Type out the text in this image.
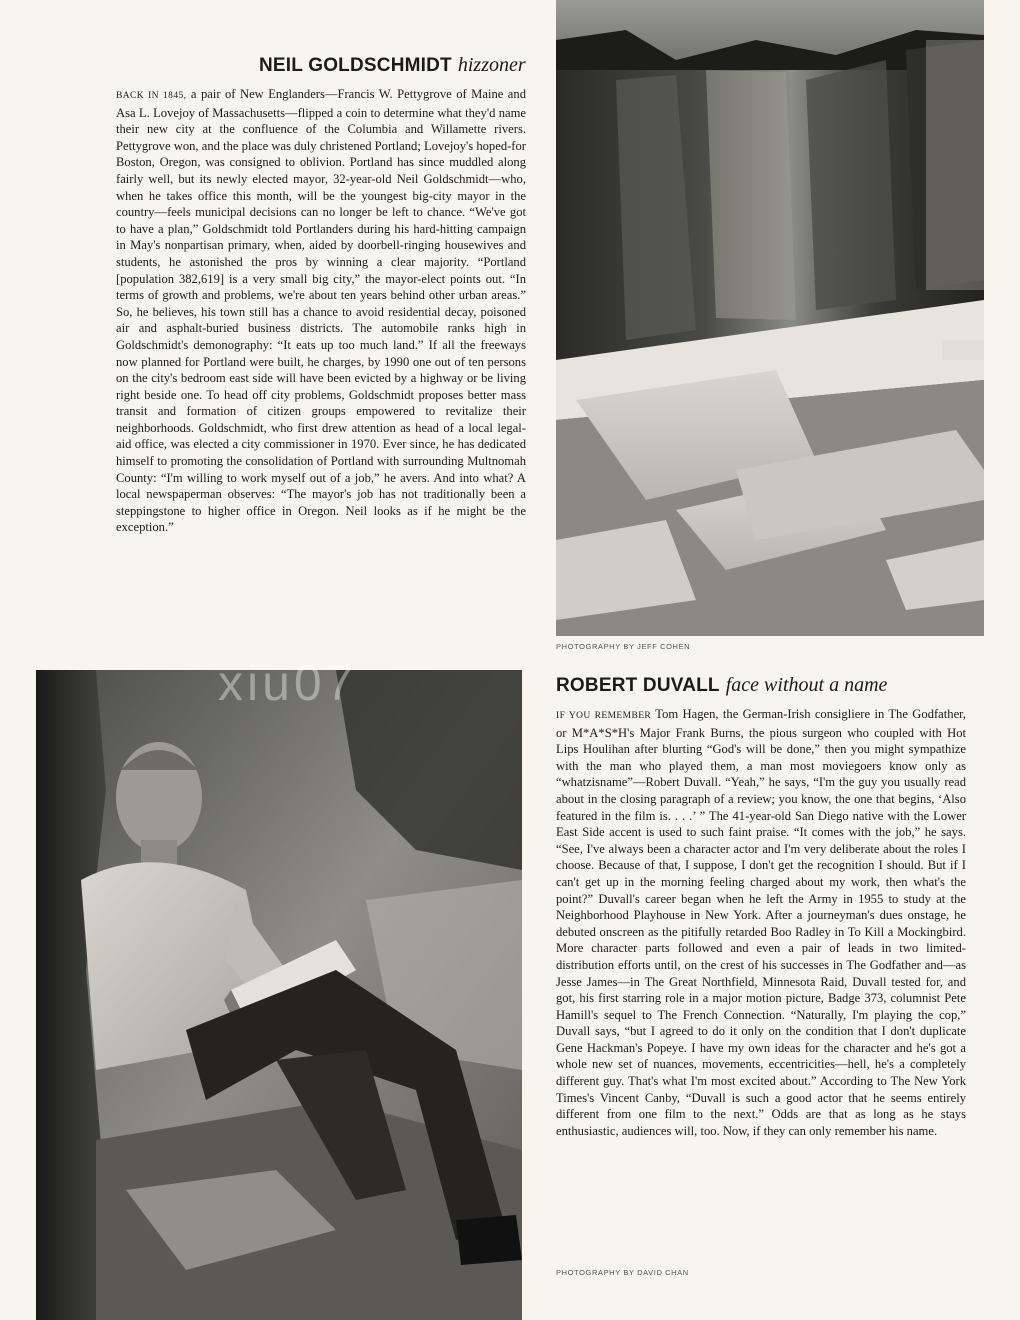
NEIL GOLDSCHMIDT hizzoner
BACK IN 1845, a pair of New Englanders—Francis W. Pettygrove of Maine and Asa L. Lovejoy of Massachusetts—flipped a coin to determine what they'd name their new city at the confluence of the Columbia and Willamette rivers. Pettygrove won, and the place was duly christened Portland; Lovejoy's hoped-for Boston, Oregon, was consigned to oblivion. Portland has since muddled along fairly well, but its newly elected mayor, 32-year-old Neil Goldschmidt—who, when he takes office this month, will be the youngest big-city mayor in the country—feels municipal decisions can no longer be left to chance. “We've got to have a plan,” Goldschmidt told Portlanders during his hard-hitting campaign in May's nonpartisan primary, when, aided by doorbell-ringing housewives and students, he astonished the pros by winning a clear majority. “Portland [population 382,619] is a very small big city,” the mayor-elect points out. “In terms of growth and problems, we're about ten years behind other urban areas.” So, he believes, his town still has a chance to avoid residential decay, poisoned air and asphalt-buried business districts. The automobile ranks high in Goldschmidt's demonography: “It eats up too much land.” If all the freeways now planned for Portland were built, he charges, by 1990 one out of ten persons on the city's bedroom east side will have been evicted by a highway or be living right beside one. To head off city problems, Goldschmidt proposes better mass transit and formation of citizen groups empowered to revitalize their neighborhoods. Goldschmidt, who first drew attention as head of a local legal-aid office, was elected a city commissioner in 1970. Ever since, he has dedicated himself to promoting the consolidation of Portland with surrounding Multnomah County: “I'm willing to work myself out of a job,” he avers. And into what? A local newspaperman observes: “The mayor's job has not traditionally been a steppingstone to higher office in Oregon. Neil looks as if he might be the exception.”
PHOTOGRAPHY BY JEFF COHEN
xiu07	ROBERT DUVALL face without a name
IF YOU REMEMBER Tom Hagen, the German-Irish consigliere in The Godfather, or M*A*S*H's Major Frank Burns, the pious surgeon who coupled with Hot Lips Houlihan after blurting “God's will be done,” then you might sympathize with the man who played them, a man most moviegoers know only as “whatzisname”—Robert Duvall. “Yeah,” he says, “I'm the guy you usually read about in the closing paragraph of a review; you know, the one that begins, ‘Also featured in the film is. . . .’ ” The 41-year-old San Diego native with the Lower East Side accent is used to such faint praise. “It comes with the job,” he says. “See, I've always been a character actor and I'm very deliberate about the roles I choose. Because of that, I suppose, I don't get the recognition I should. But if I can't get up in the morning feeling charged about my work, then what's the point?” Duvall's career began when he left the Army in 1955 to study at the Neighborhood Playhouse in New York. After a journeyman's dues onstage, he debuted onscreen as the pitifully retarded Boo Radley in To Kill a Mockingbird. More character parts followed and even a pair of leads in two limited-distribution efforts until, on the crest of his successes in The Godfather and—as Jesse James—in The Great Northfield, Minnesota Raid, Duvall tested for, and got, his first starring role in a major motion picture, Badge 373, columnist Pete Hamill's sequel to The French Connection. “Naturally, I'm playing the cop,” Duvall says, “but I agreed to do it only on the condition that I don't duplicate Gene Hackman's Popeye. I have my own ideas for the character and he's got a whole new set of nuances, movements, eccentricities—hell, he's a completely different guy. That's what I'm most excited about.” According to The New York Times's Vincent Canby, “Duvall is such a good actor that he seems entirely different from one film to the next.” Odds are that as long as he stays enthusiastic, audiences will, too. Now, if they can only remember his name.
PHOTOGRAPHY BY DAVID CHAN
